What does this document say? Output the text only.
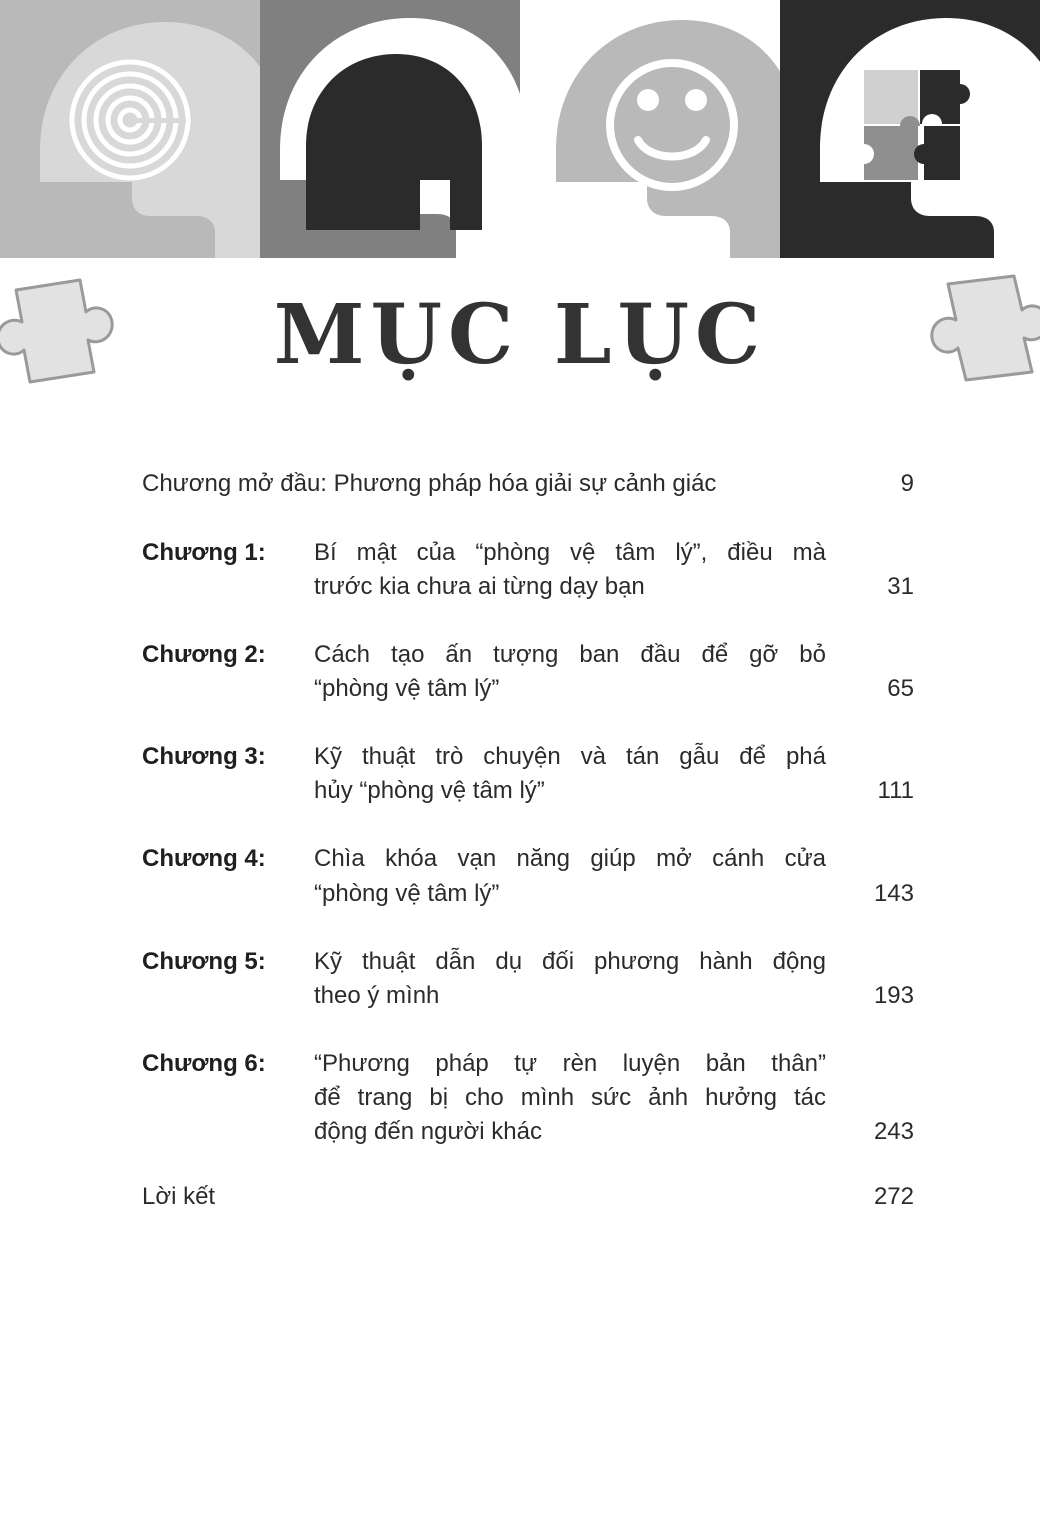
MỤC LỤC
Chương mở đầu: Phương pháp hóa giải sự cảnh giác	9
Chương 1:	Bí mật của “phòng vệ tâm lý”, điều mà
trước kia chưa ai từng dạy bạn	31
Chương 2:	Cách tạo ấn tượng ban đầu để gỡ bỏ
“phòng vệ tâm lý”	65
Chương 3:	Kỹ thuật trò chuyện và tán gẫu để phá
hủy “phòng vệ tâm lý”	111
Chương 4:	Chìa khóa vạn năng giúp mở cánh cửa
“phòng vệ tâm lý”	143
Chương 5:	Kỹ thuật dẫn dụ đối phương hành động
theo ý mình	193
Chương 6:	“Phương pháp tự rèn luyện bản thân”
để trang bị cho mình sức ảnh hưởng tác
động đến người khác	243
Lời kết	272
